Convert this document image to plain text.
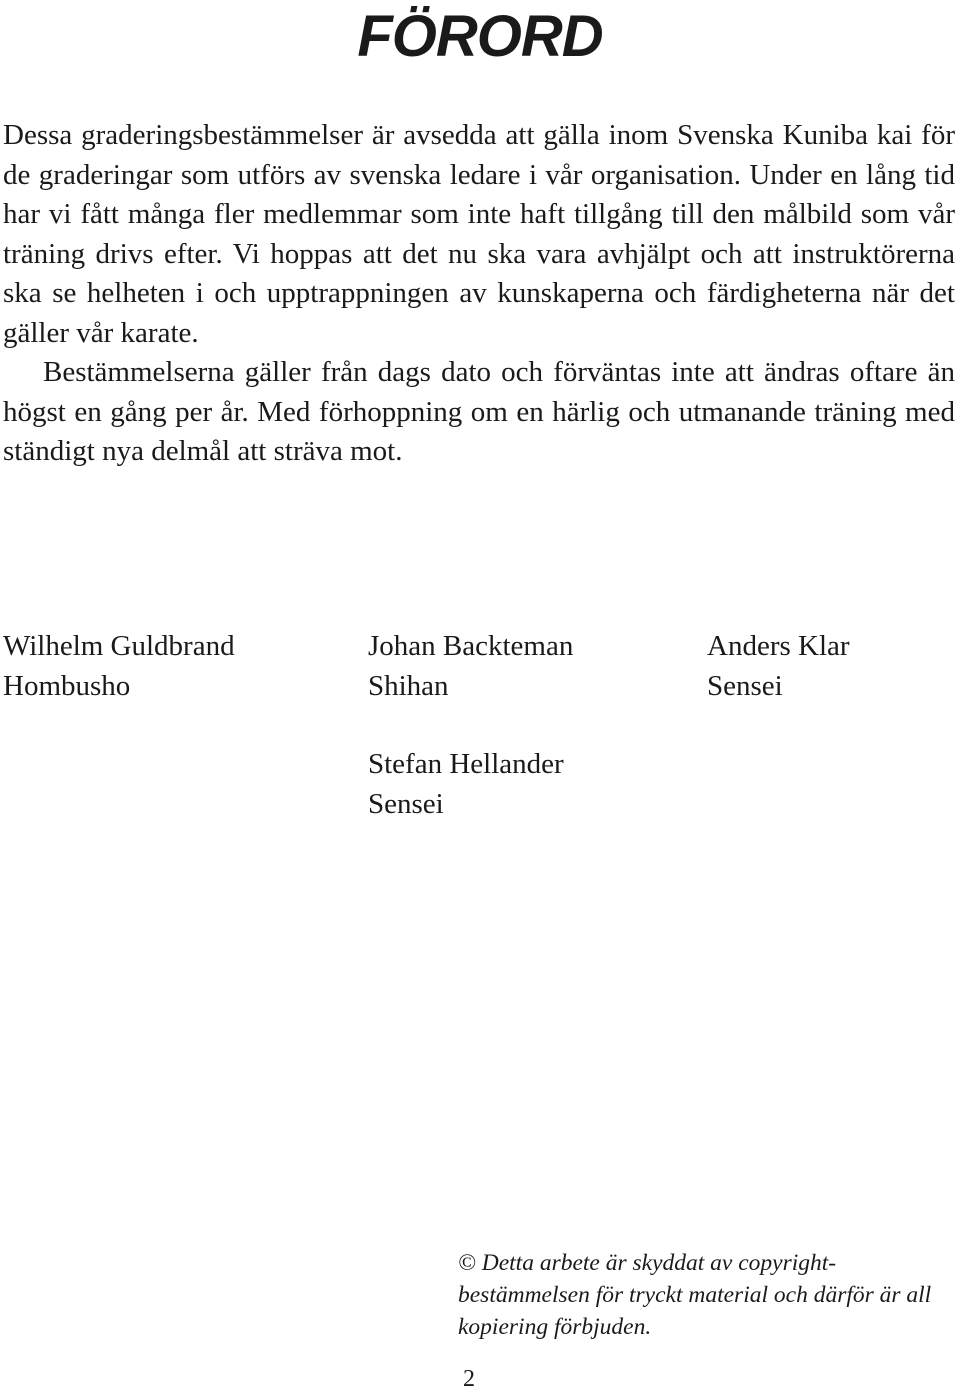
FÖRORD

Dessa graderingsbestämmelser är avsedda att gälla inom Svenska Kuniba kai för de graderingar som utförs av svenska ledare i vår organisation. Under en lång tid har vi fått många fler medlemmar som inte haft tillgång till den målbild som vår träning drivs efter. Vi hoppas att det nu ska vara avhjälpt och att instruktörerna ska se helheten i och upptrappningen av kunskaperna och färdigheterna när det gäller vår karate.

Bestämmelserna gäller från dags dato och förväntas inte att ändras oftare än högst en gång per år. Med förhoppning om en härlig och utmanande träning med ständigt nya delmål att sträva mot.

Wilhelm Guldbrand
Hombusho
Johan Backteman
Shihan
Anders Klar
Sensei
Stefan Hellander
Sensei
© Detta arbete är skyddat av copyright-bestämmelsen för tryckt material och därför är all kopiering förbjuden.
2
